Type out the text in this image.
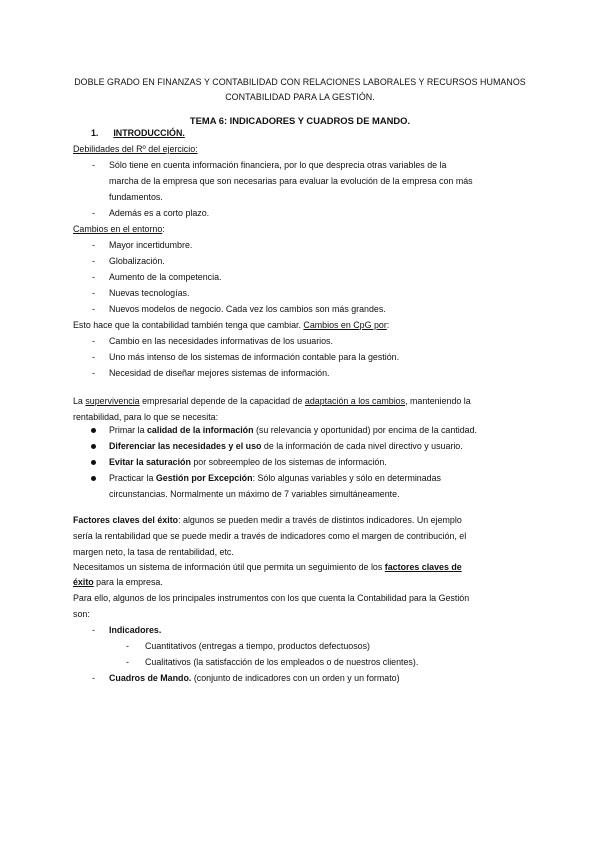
DOBLE GRADO EN FINANZAS Y CONTABILIDAD CON RELACIONES LABORALES Y RECURSOS HUMANOS
CONTABILIDAD PARA LA GESTIÓN.
TEMA 6: INDICADORES Y CUADROS DE MANDO.
1. INTRODUCCIÓN.
Debilidades del Rº del ejercicio:
- Sólo tiene en cuenta información financiera, por lo que desprecia otras variables de la
marcha de la empresa que son necesarias para evaluar la evolución de la empresa con más
fundamentos.
- Además es a corto plazo.
Cambios en el entorno:
- Mayor incertidumbre.
- Globalización.
- Aumento de la competencia.
- Nuevas tecnologías.
- Nuevos modelos de negocio. Cada vez los cambios son más grandes.
Esto hace que la contabilidad también tenga que cambiar. Cambios en CpG por:
- Cambio en las necesidades informativas de los usuarios.
- Uno más intenso de los sistemas de información contable para la gestión.
- Necesidad de diseñar mejores sistemas de información.
La supervivencia empresarial depende de la capacidad de adaptación a los cambios, manteniendo la
rentabilidad, para lo que se necesita:
Primar la calidad de la información (su relevancia y oportunidad) por encima de la cantidad.
Diferenciar las necesidades y el uso de la información de cada nivel directivo y usuario.
Evitar la saturación por sobreempleo de los sistemas de información.
Practicar la Gestión por Excepción: Sólo algunas variables y sólo en determinadas
circunstancias. Normalmente un máximo de 7 variables simultáneamente.
Factores claves del éxito: algunos se pueden medir a través de distintos indicadores. Un ejemplo
sería la rentabilidad que se puede medir a través de indicadores como el margen de contribución, el
margen neto, la tasa de rentabilidad, etc.
Necesitamos un sistema de información útil que permita un seguimiento de los factores claves de
éxito para la empresa.
Para ello, algunos de los principales instrumentos con los que cuenta la Contabilidad para la Gestión
son:
- Indicadores.
- Cuantitativos (entregas a tiempo, productos defectuosos)
- Cualitativos (la satisfacción de los empleados o de nuestros clientes).
- Cuadros de Mando. (conjunto de indicadores con un orden y un formato)
